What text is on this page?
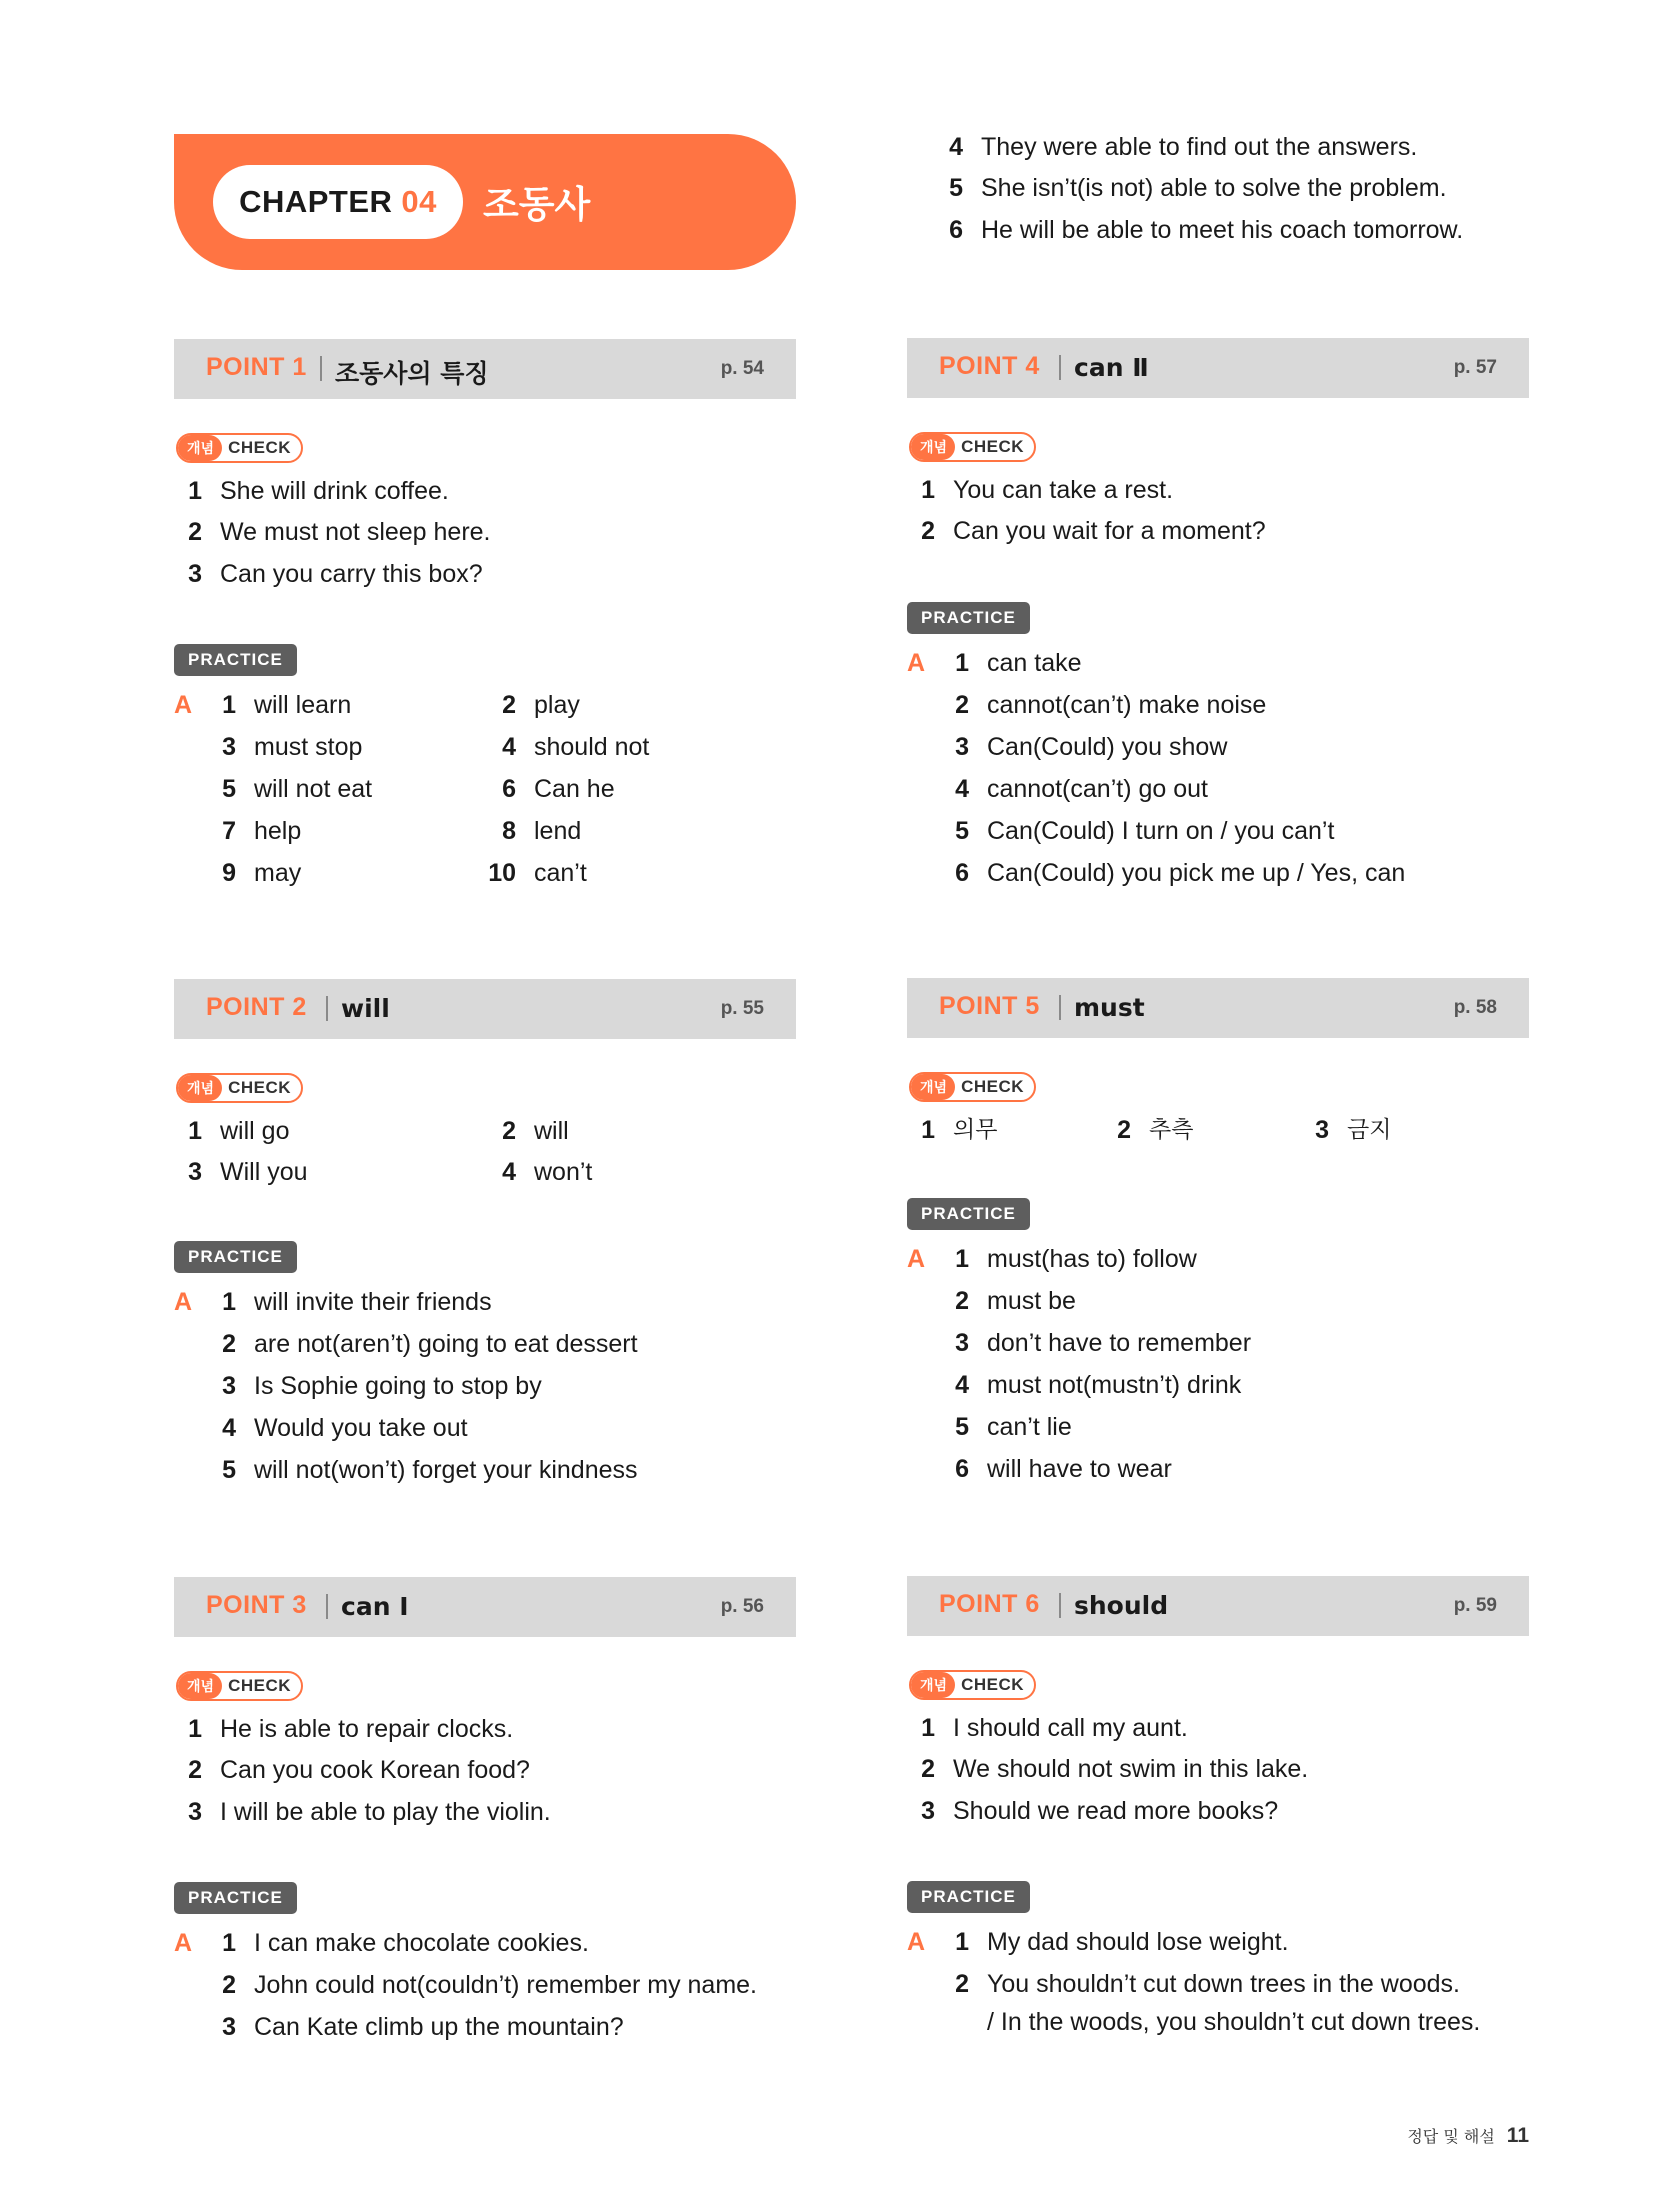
CHAPTER 04 조동사
4 They were able to find out the answers.
5 She isn’t(is not) able to solve the problem.
6 He will be able to meet his coach tomorrow.
POINT 1 조동사의 특징	p. 54
개념 CHECK
1 She will drink coffee.
2 We must not sleep here.
3 Can you carry this box?
PRACTICE
A	1 will learn	2 play
3 must stop	4 should not
5 will not eat	6 Can he
7 help	8 lend
9 may	10 can’t
POINT 2 will	p. 55
개념 CHECK
1 will go	2 will
3 Will you	4 won’t
PRACTICE
A	1 will invite their friends
2 are not(aren’t) going to eat dessert
3 Is Sophie going to stop by
4 Would you take out
5 will not(won’t) forget your kindness
POINT 3 can Ⅰ	p. 56
개념 CHECK
1 He is able to repair clocks.
2 Can you cook Korean food?
3 I will be able to play the violin.
PRACTICE
A	1 I can make chocolate cookies.
2 John could not(couldn’t) remember my name.
3 Can Kate climb up the mountain?
POINT 4 can Ⅱ	p. 57
개념 CHECK
1 You can take a rest.
2 Can you wait for a moment?
PRACTICE
A	1 can take
2 cannot(can’t) make noise
3 Can(Could) you show
4 cannot(can’t) go out
5 Can(Could) I turn on / you can’t
6 Can(Could) you pick me up / Yes, can
POINT 5 must	p. 58
개념 CHECK
1 의무	2 추측	3 금지
PRACTICE
A	1 must(has to) follow
2 must be
3 don’t have to remember
4 must not(mustn’t) drink
5 can’t lie
6 will have to wear
POINT 6 should	p. 59
개념 CHECK
1 I should call my aunt.
2 We should not swim in this lake.
3 Should we read more books?
PRACTICE
A	1 My dad should lose weight.
2 You shouldn’t cut down trees in the woods.
/ In the woods, you shouldn’t cut down trees.
정답 및 해설 11
